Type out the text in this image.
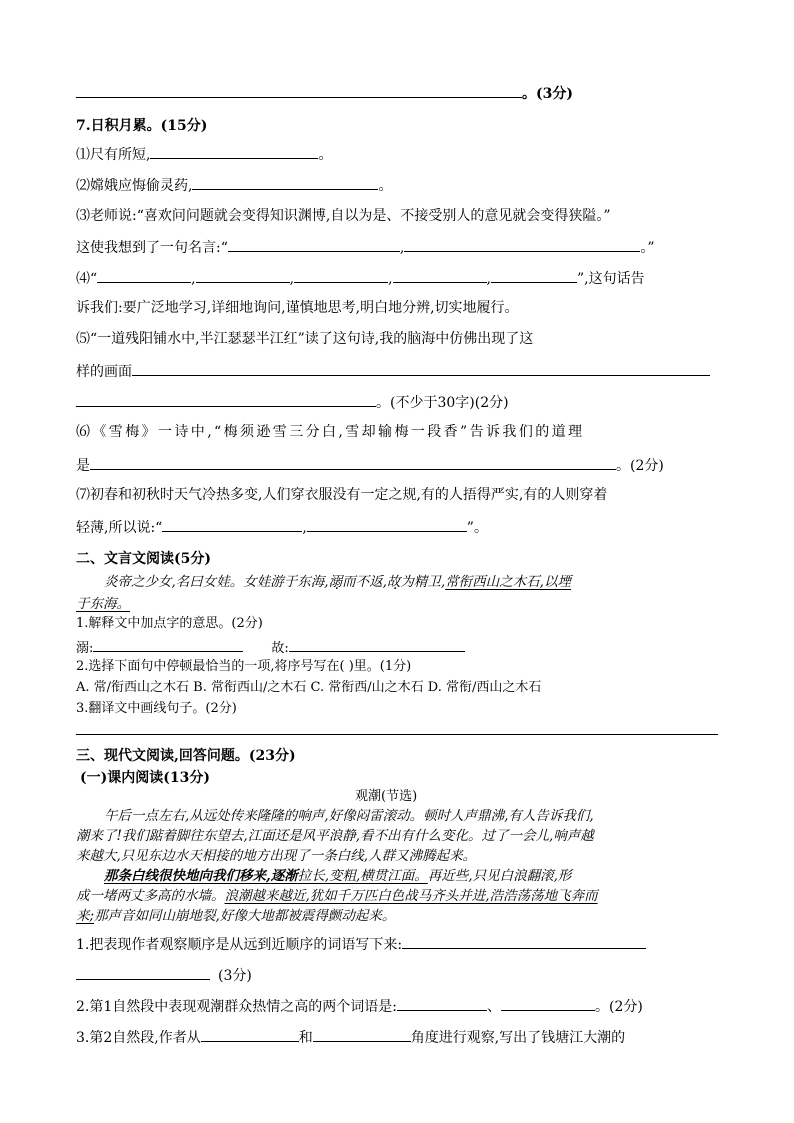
。(3分)
7.日积月累。(15分)
⑴尺有所短,	。
⑵嫦娥应悔偷灵药,	。
⑶老师说:“喜欢问问题就会变得知识渊博,自以为是、不接受别人的意见就会变得狭隘。”
这使我想到了一句名言:“	,	。”
⑷“	,	,	,	,	”,这句话告
诉我们:要广泛地学习,详细地询问,谨慎地思考,明白地分辨,切实地履行。
⑸“一道残阳铺水中,半江瑟瑟半江红”读了这句诗,我的脑海中仿佛出现了这
样的画面
。(不少于30字)(2分)
⑹《雪梅》一诗中,“梅须逊雪三分白,雪却输梅一段香”告诉我们的道理
是	。(2分)
⑺初春和初秋时天气冷热多变,人们穿衣服没有一定之规,有的人捂得严实,有的人则穿着
轻薄,所以说:“	,	”。
二、文言文阅读(5分)
炎帝之少女,名曰女娃。女娃游于东海,溺而不返,故为精卫,常衔西山之木石,以堙
于东海。
1.解释文中加点字的意思。(2分)
溺:	故:
2.选择下面句中停顿最恰当的一项,将序号写在( )里。(1分)
A. 常/衔西山之木石 B. 常衔西山/之木石 C. 常衔西/山之木石 D. 常衔/西山之木石
3.翻译文中画线句子。(2分)
三、现代文阅读,回答问题。(23分)
(一)课内阅读(13分)
观潮(节选)
午后一点左右,从远处传来隆隆的响声,好像闷雷滚动。顿时人声鼎沸,有人告诉我们,
潮来了!我们踮着脚往东望去,江面还是风平浪静,看不出有什么变化。过了一会儿,响声越
来越大,只见东边水天相接的地方出现了一条白线,人群又沸腾起来。
那条白线很快地向我们移来,逐渐拉长,变粗,横贯江面。再近些,只见白浪翻滚,形
成一堵两丈多高的水墙。浪潮越来越近,犹如千万匹白色战马齐头并进,浩浩荡荡地飞奔而
来;那声音如同山崩地裂,好像大地都被震得颤动起来。
1.把表现作者观察顺序是从远到近顺序的词语写下来:
(3分)
2.第1自然段中表现观潮群众热情之高的两个词语是:	、	。(2分)
3.第2自然段,作者从	和	角度进行观察,写出了钱塘江大潮的
